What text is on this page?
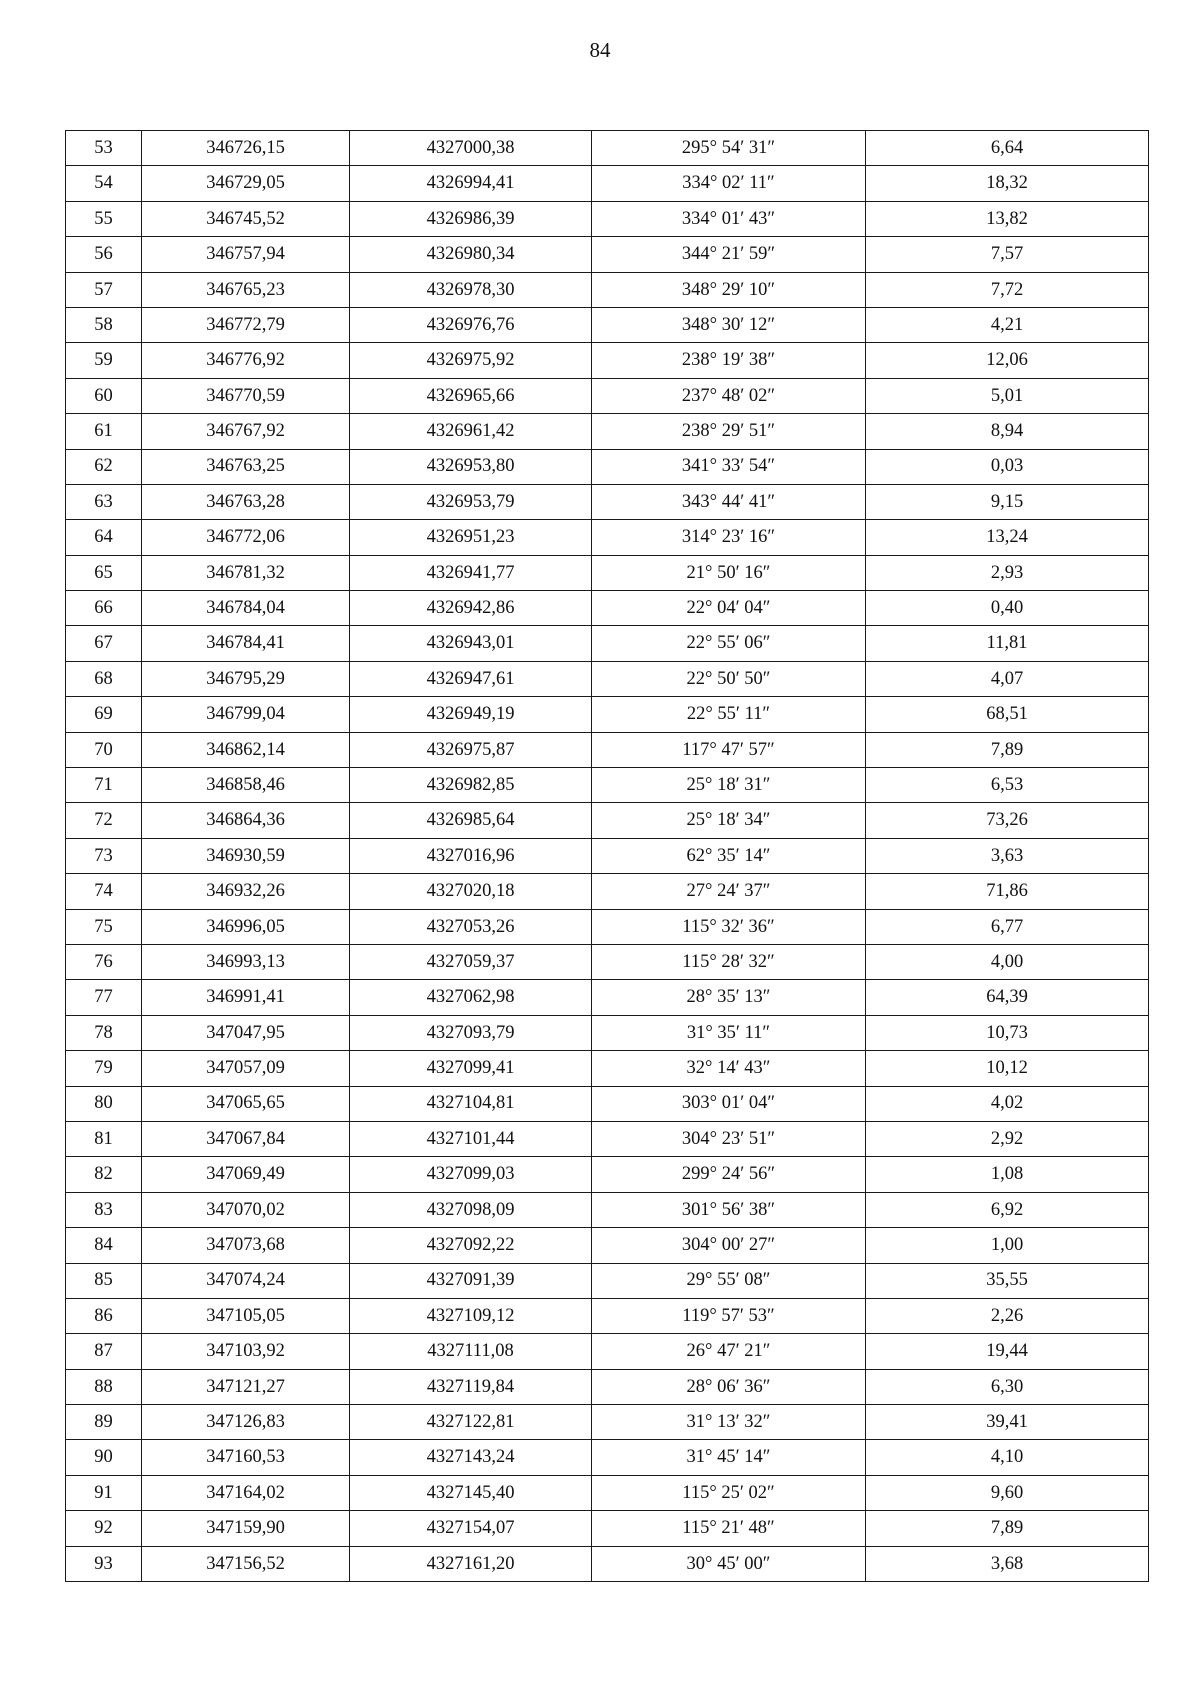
84
53	346726,15	4327000,38	295° 54′ 31″	6,64
54	346729,05	4326994,41	334° 02′ 11″	18,32
55	346745,52	4326986,39	334° 01′ 43″	13,82
56	346757,94	4326980,34	344° 21′ 59″	7,57
57	346765,23	4326978,30	348° 29′ 10″	7,72
58	346772,79	4326976,76	348° 30′ 12″	4,21
59	346776,92	4326975,92	238° 19′ 38″	12,06
60	346770,59	4326965,66	237° 48′ 02″	5,01
61	346767,92	4326961,42	238° 29′ 51″	8,94
62	346763,25	4326953,80	341° 33′ 54″	0,03
63	346763,28	4326953,79	343° 44′ 41″	9,15
64	346772,06	4326951,23	314° 23′ 16″	13,24
65	346781,32	4326941,77	21° 50′ 16″	2,93
66	346784,04	4326942,86	22° 04′ 04″	0,40
67	346784,41	4326943,01	22° 55′ 06″	11,81
68	346795,29	4326947,61	22° 50′ 50″	4,07
69	346799,04	4326949,19	22° 55′ 11″	68,51
70	346862,14	4326975,87	117° 47′ 57″	7,89
71	346858,46	4326982,85	25° 18′ 31″	6,53
72	346864,36	4326985,64	25° 18′ 34″	73,26
73	346930,59	4327016,96	62° 35′ 14″	3,63
74	346932,26	4327020,18	27° 24′ 37″	71,86
75	346996,05	4327053,26	115° 32′ 36″	6,77
76	346993,13	4327059,37	115° 28′ 32″	4,00
77	346991,41	4327062,98	28° 35′ 13″	64,39
78	347047,95	4327093,79	31° 35′ 11″	10,73
79	347057,09	4327099,41	32° 14′ 43″	10,12
80	347065,65	4327104,81	303° 01′ 04″	4,02
81	347067,84	4327101,44	304° 23′ 51″	2,92
82	347069,49	4327099,03	299° 24′ 56″	1,08
83	347070,02	4327098,09	301° 56′ 38″	6,92
84	347073,68	4327092,22	304° 00′ 27″	1,00
85	347074,24	4327091,39	29° 55′ 08″	35,55
86	347105,05	4327109,12	119° 57′ 53″	2,26
87	347103,92	4327111,08	26° 47′ 21″	19,44
88	347121,27	4327119,84	28° 06′ 36″	6,30
89	347126,83	4327122,81	31° 13′ 32″	39,41
90	347160,53	4327143,24	31° 45′ 14″	4,10
91	347164,02	4327145,40	115° 25′ 02″	9,60
92	347159,90	4327154,07	115° 21′ 48″	7,89
93	347156,52	4327161,20	30° 45′ 00″	3,68
